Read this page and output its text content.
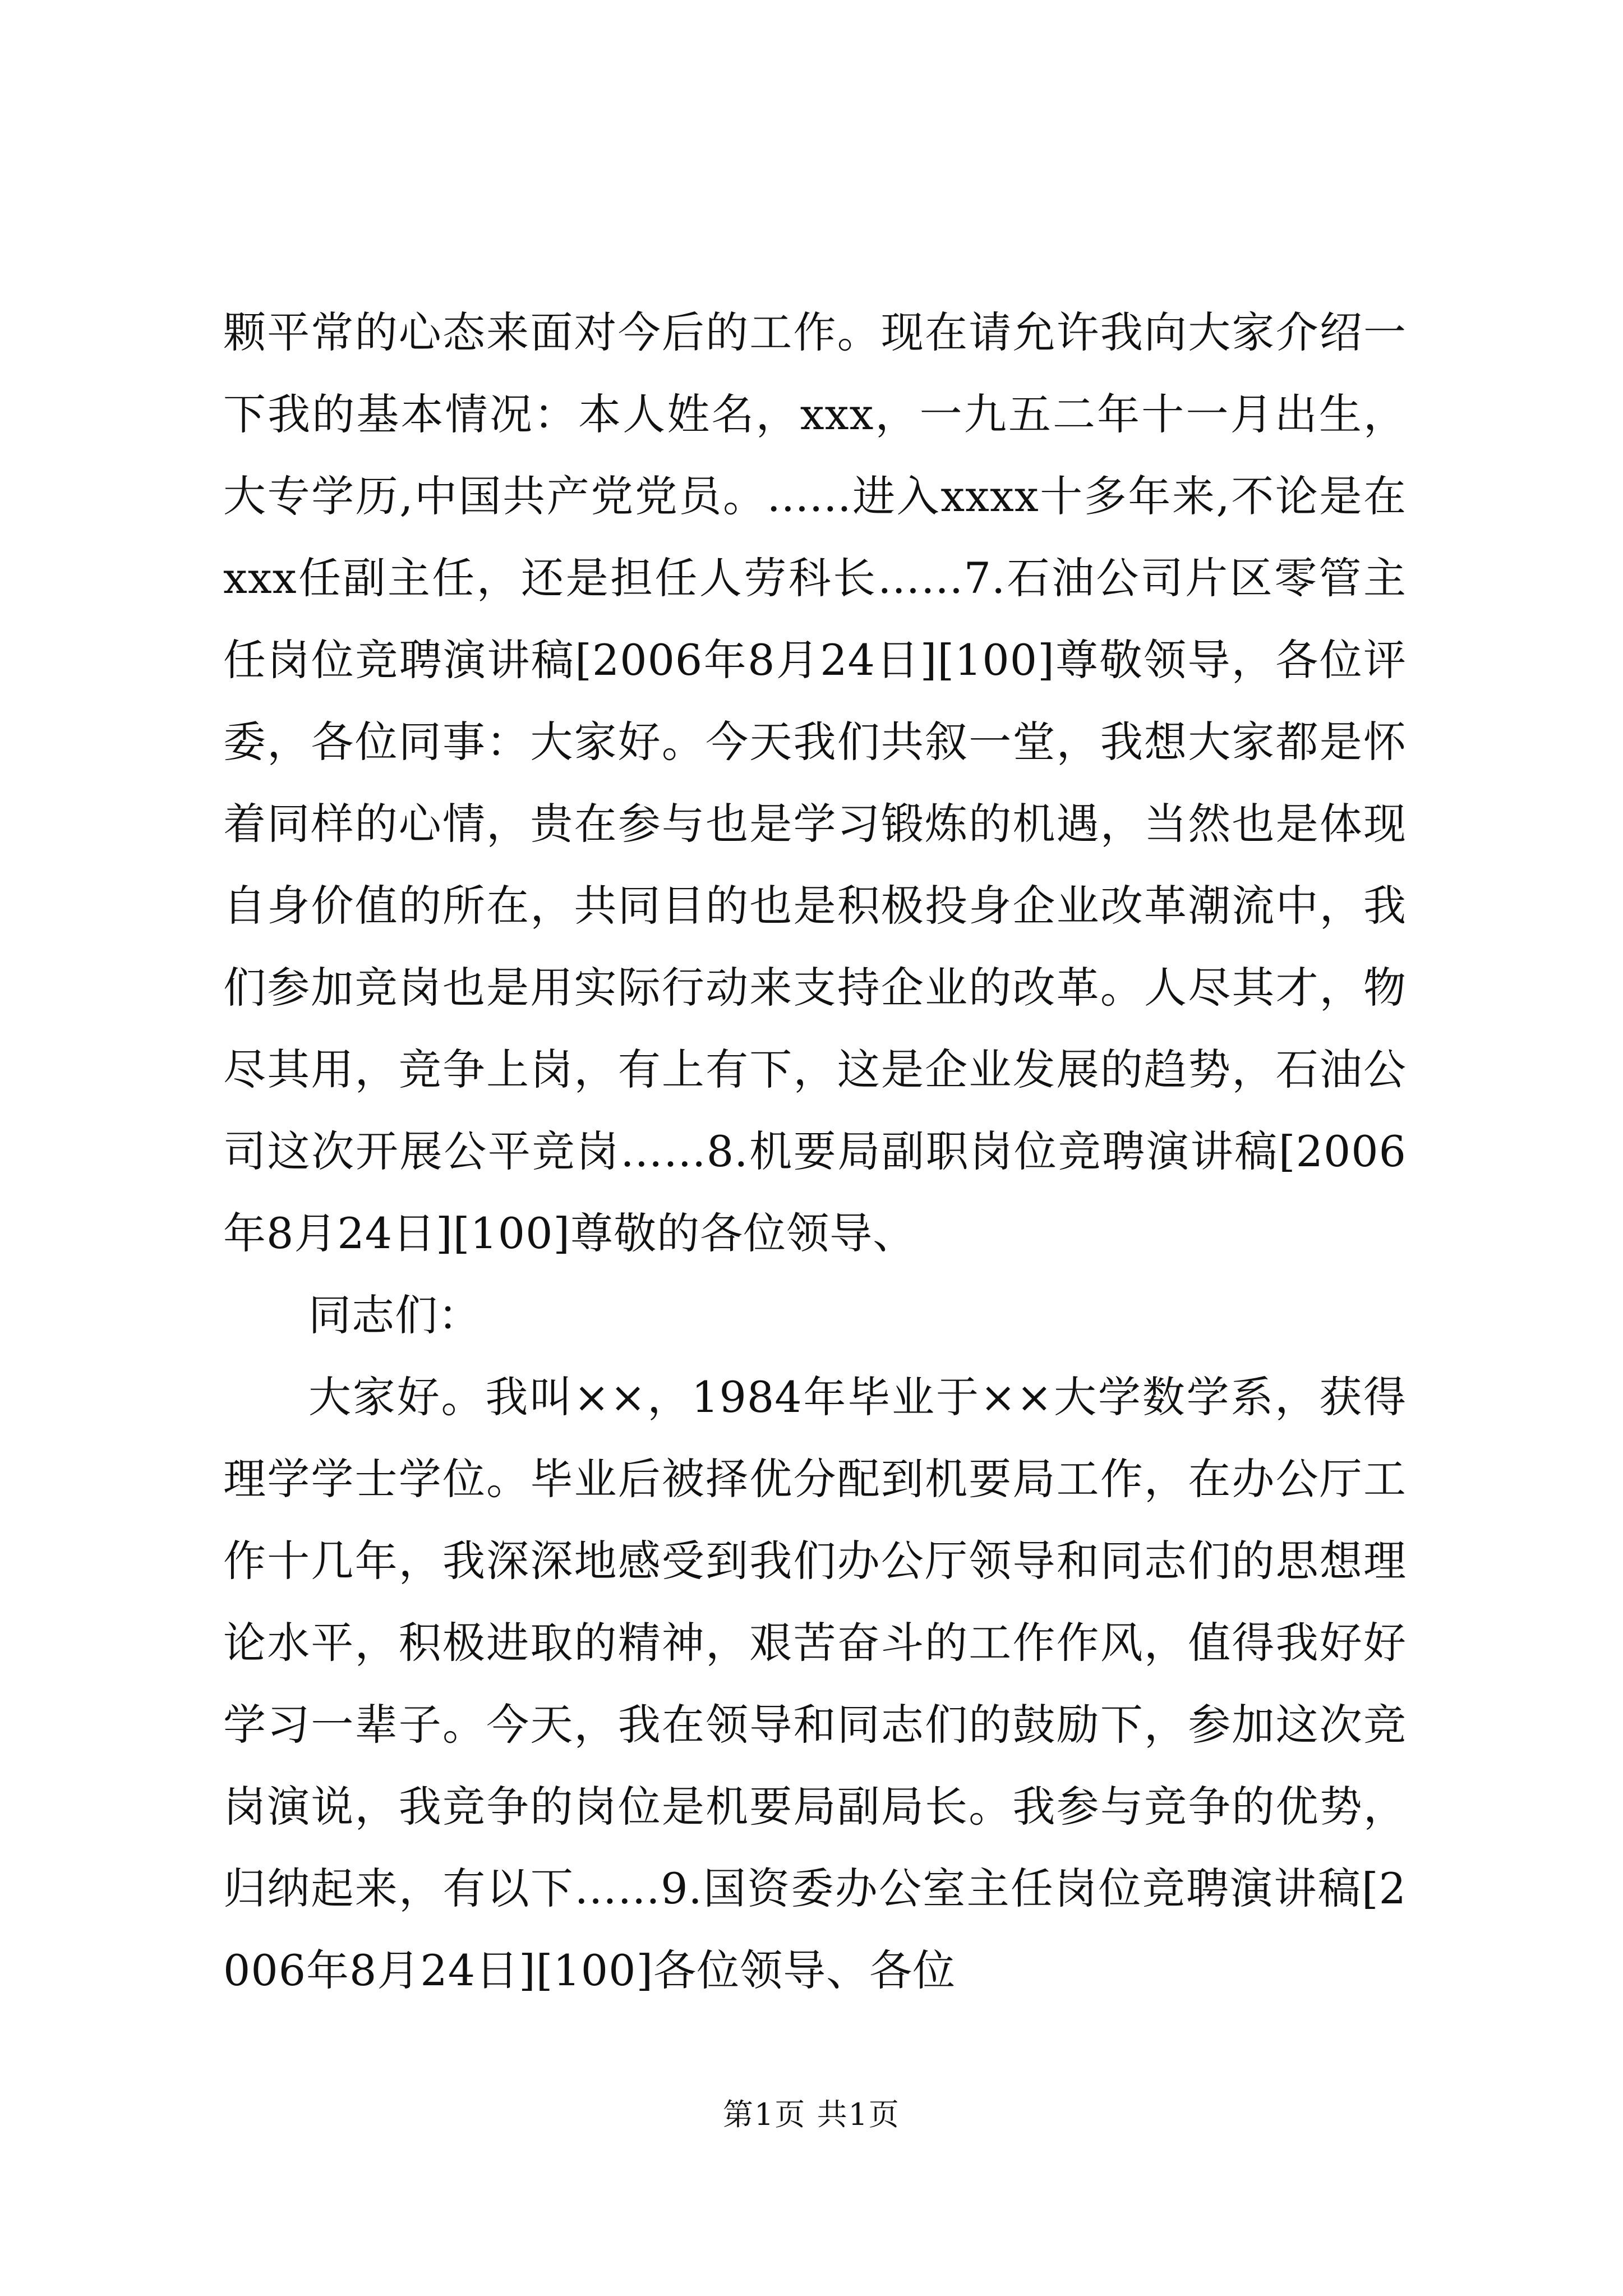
颗平常的心态来面对今后的工作。现在请允许我向大家介绍一下我的基本情况：本人姓名，xxx，一九五二年十一月出生，大专学历,中国共产党党员。......进入xxxx十多年来,不论是在xxx任副主任，还是担任人劳科长……7.石油公司片区零管主任岗位竞聘演讲稿[2006年8月24日][100]尊敬领导，各位评委，各位同事：大家好。今天我们共叙一堂，我想大家都是怀着同样的心情，贵在参与也是学习锻炼的机遇，当然也是体现自身价值的所在，共同目的也是积极投身企业改革潮流中，我们参加竞岗也是用实际行动来支持企业的改革。人尽其才，物尽其用，竞争上岗，有上有下，这是企业发展的趋势，石油公司这次开展公平竞岗……8.机要局副职岗位竞聘演讲稿[2006年8月24日][100]尊敬的各位领导、

同志们：

大家好。我叫××，1984年毕业于××大学数学系，获得理学学士学位。毕业后被择优分配到机要局工作，在办公厅工作十几年，我深深地感受到我们办公厅领导和同志们的思想理论水平，积极进取的精神，艰苦奋斗的工作作风，值得我好好学习一辈子。今天，我在领导和同志们的鼓励下，参加这次竞岗演说，我竞争的岗位是机要局副局长。我参与竞争的优势，归纳起来，有以下……9.国资委办公室主任岗位竞聘演讲稿[2006年8月24日][100]各位领导、各位

第1页 共1页
